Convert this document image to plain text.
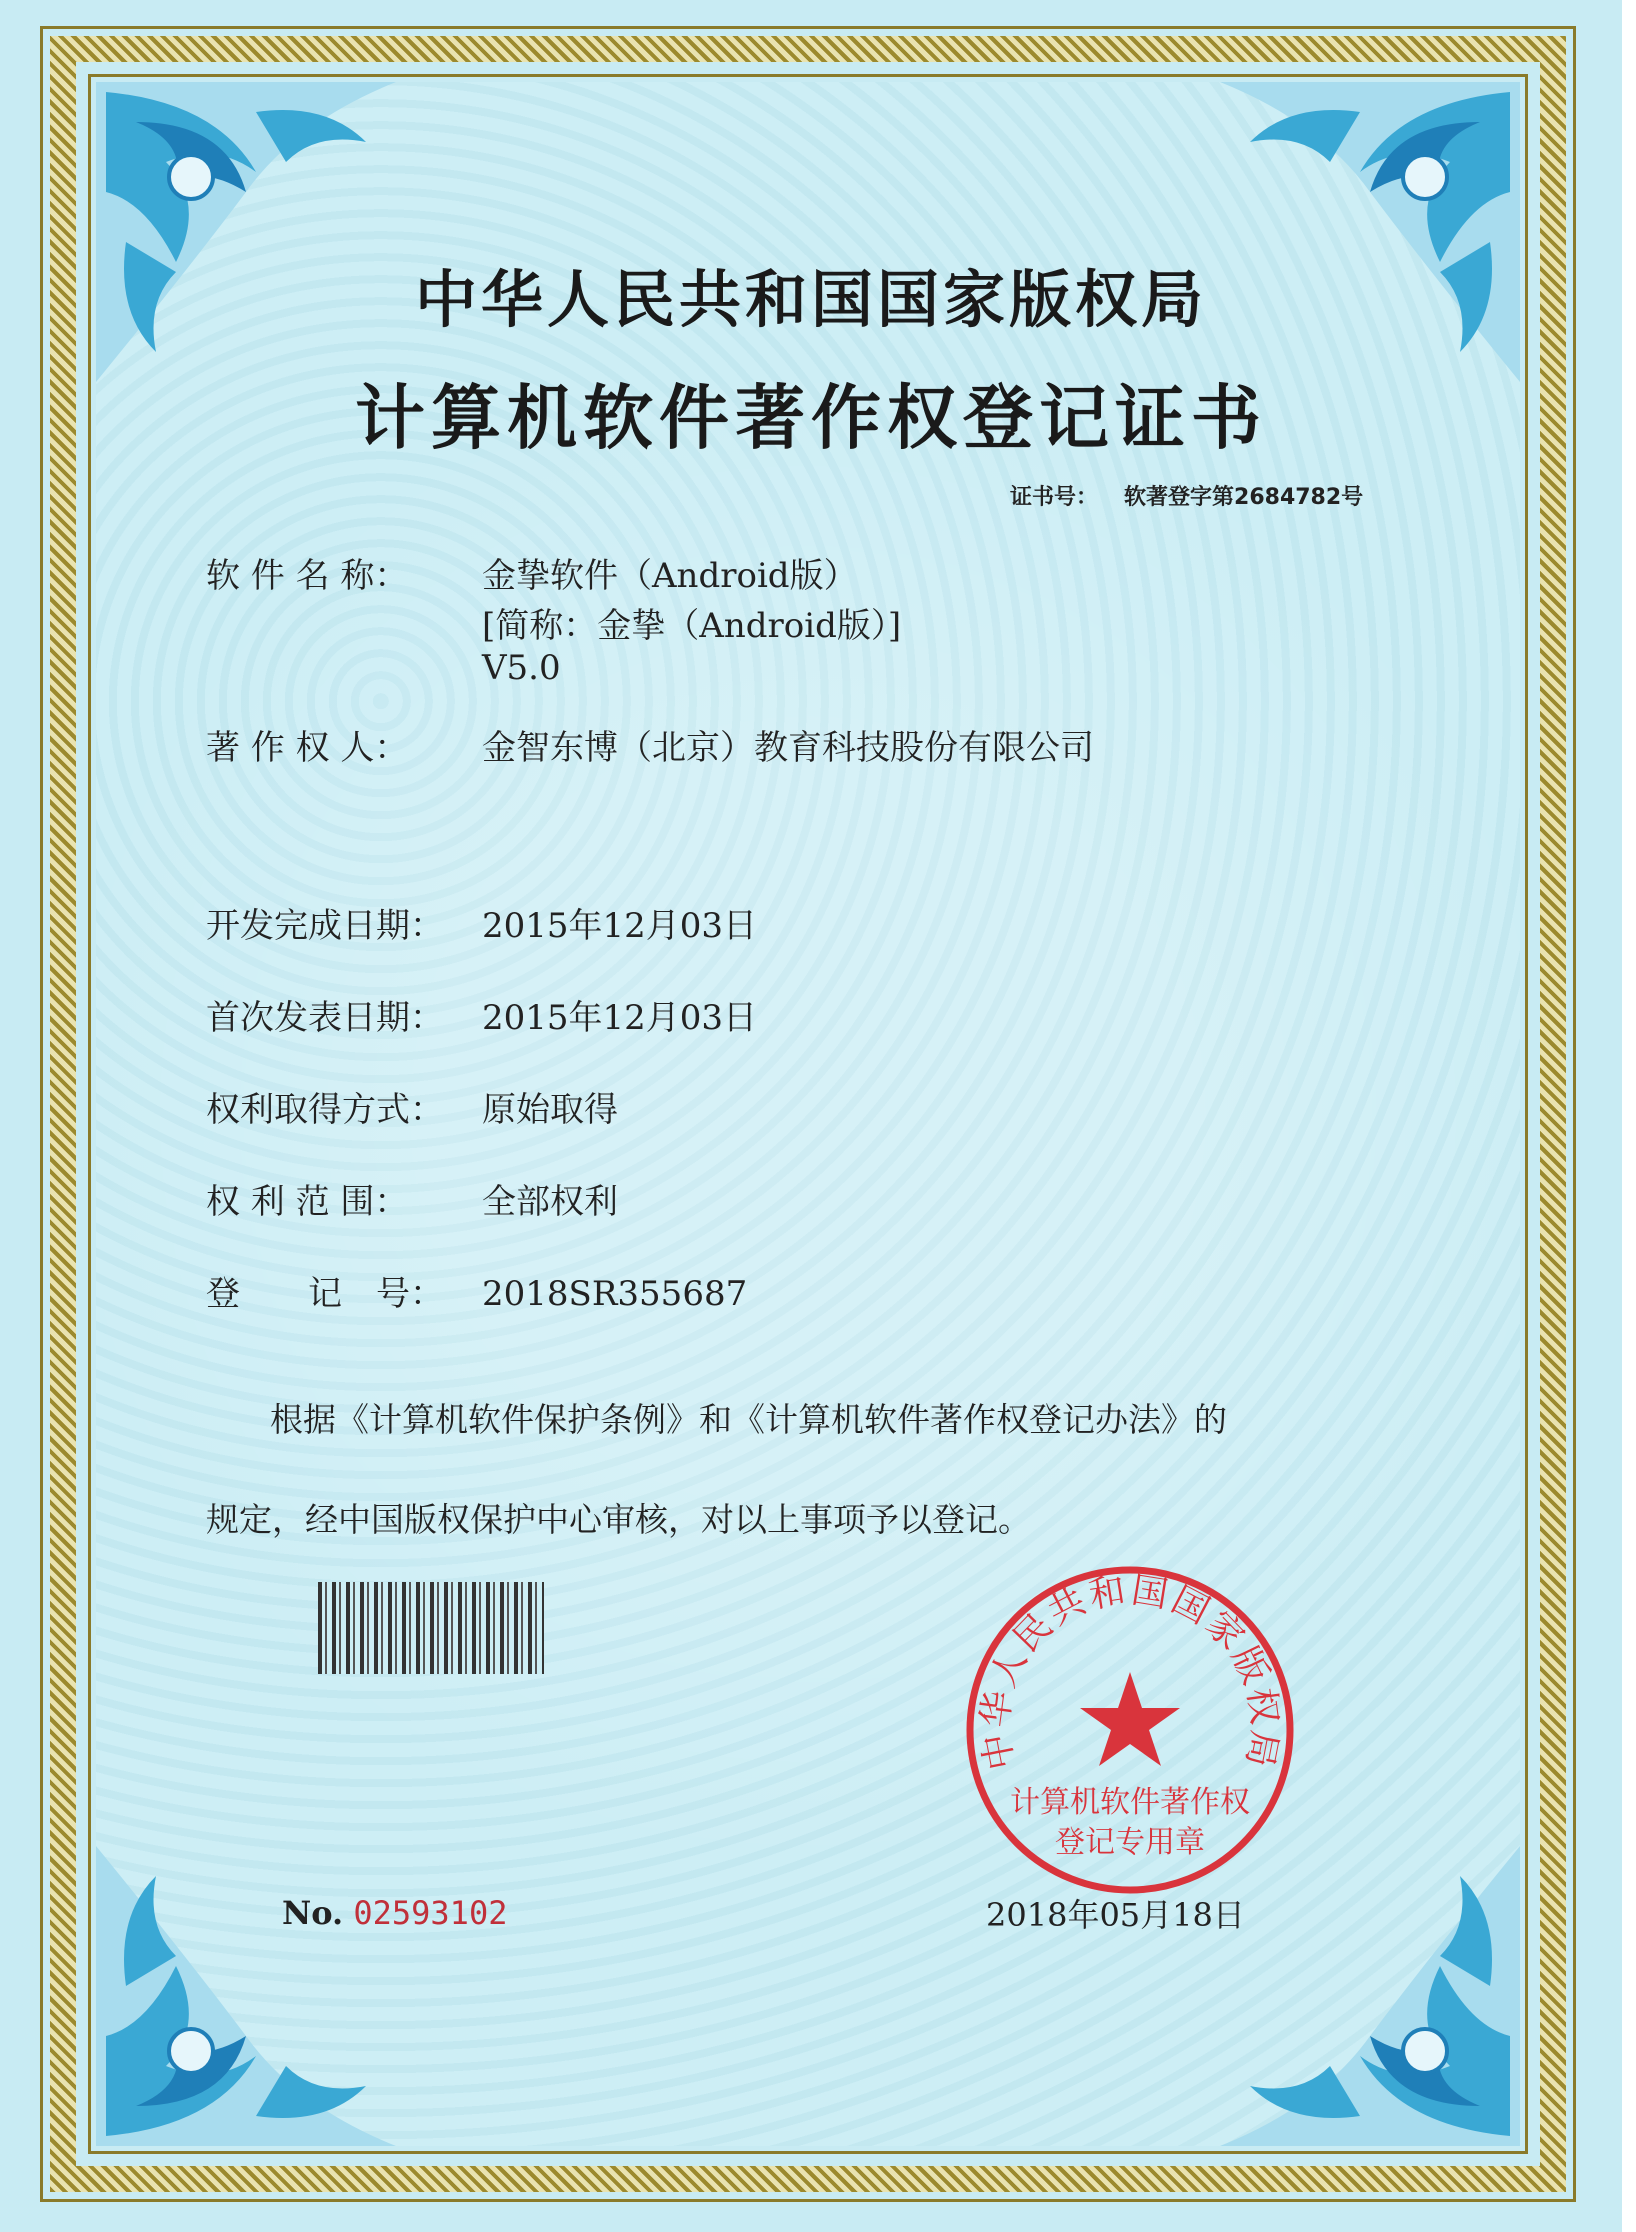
中华人民共和国国家版权局
计算机软件著作权登记证书
证书号： 软著登字第2684782号
软 件 名 称： 金挚软件（Android版）
[简称：金挚（Android版）]
V5.0
著 作 权 人： 金智东博（北京）教育科技股份有限公司
开发完成日期： 2015年12月03日
首次发表日期： 2015年12月03日
权利取得方式： 原始取得
权 利 范 围： 全部权利
登　　记　号： 2018SR355687
根据《计算机软件保护条例》和《计算机软件著作权登记办法》的
规定，经中国版权保护中心审核，对以上事项予以登记。
No. 02593102
中华人民共和国国家版权局
计算机软件著作权
登记专用章
2018年05月18日
